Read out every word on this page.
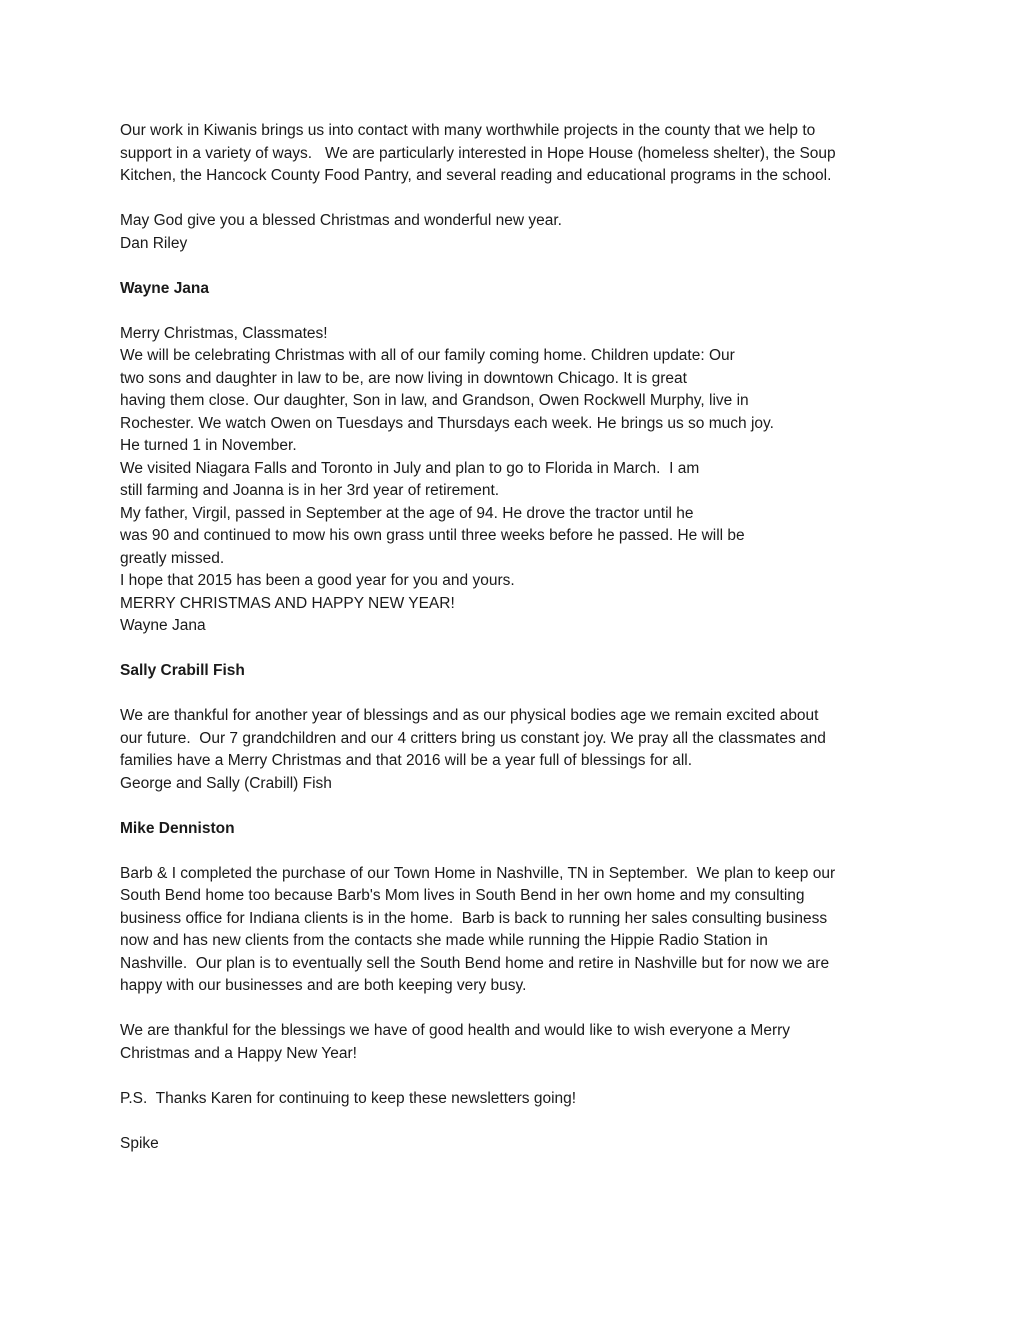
Our work in Kiwanis brings us into contact with many worthwhile projects in the county that we help to
support in a variety of ways.   We are particularly interested in Hope House (homeless shelter), the Soup
Kitchen, the Hancock County Food Pantry, and several reading and educational programs in the school.
May God give you a blessed Christmas and wonderful new year.
Dan Riley
Wayne Jana
Merry Christmas, Classmates!
We will be celebrating Christmas with all of our family coming home. Children update: Our
two sons and daughter in law to be, are now living in downtown Chicago. It is great
having them close. Our daughter, Son in law, and Grandson, Owen Rockwell Murphy, live in
Rochester. We watch Owen on Tuesdays and Thursdays each week. He brings us so much joy.
He turned 1 in November.
We visited Niagara Falls and Toronto in July and plan to go to Florida in March.  I am
still farming and Joanna is in her 3rd year of retirement.
My father, Virgil, passed in September at the age of 94. He drove the tractor until he
was 90 and continued to mow his own grass until three weeks before he passed. He will be
greatly missed.
I hope that 2015 has been a good year for you and yours.
MERRY CHRISTMAS AND HAPPY NEW YEAR!
Wayne Jana
Sally Crabill Fish
We are thankful for another year of blessings and as our physical bodies age we remain excited about
our future.  Our 7 grandchildren and our 4 critters bring us constant joy. We pray all the classmates and
families have a Merry Christmas and that 2016 will be a year full of blessings for all.
George and Sally (Crabill) Fish
Mike Denniston
Barb & I completed the purchase of our Town Home in Nashville, TN in September.  We plan to keep our
South Bend home too because Barb's Mom lives in South Bend in her own home and my consulting
business office for Indiana clients is in the home.  Barb is back to running her sales consulting business
now and has new clients from the contacts she made while running the Hippie Radio Station in
Nashville.  Our plan is to eventually sell the South Bend home and retire in Nashville but for now we are
happy with our businesses and are both keeping very busy.
We are thankful for the blessings we have of good health and would like to wish everyone a Merry
Christmas and a Happy New Year!
P.S.  Thanks Karen for continuing to keep these newsletters going!
Spike
